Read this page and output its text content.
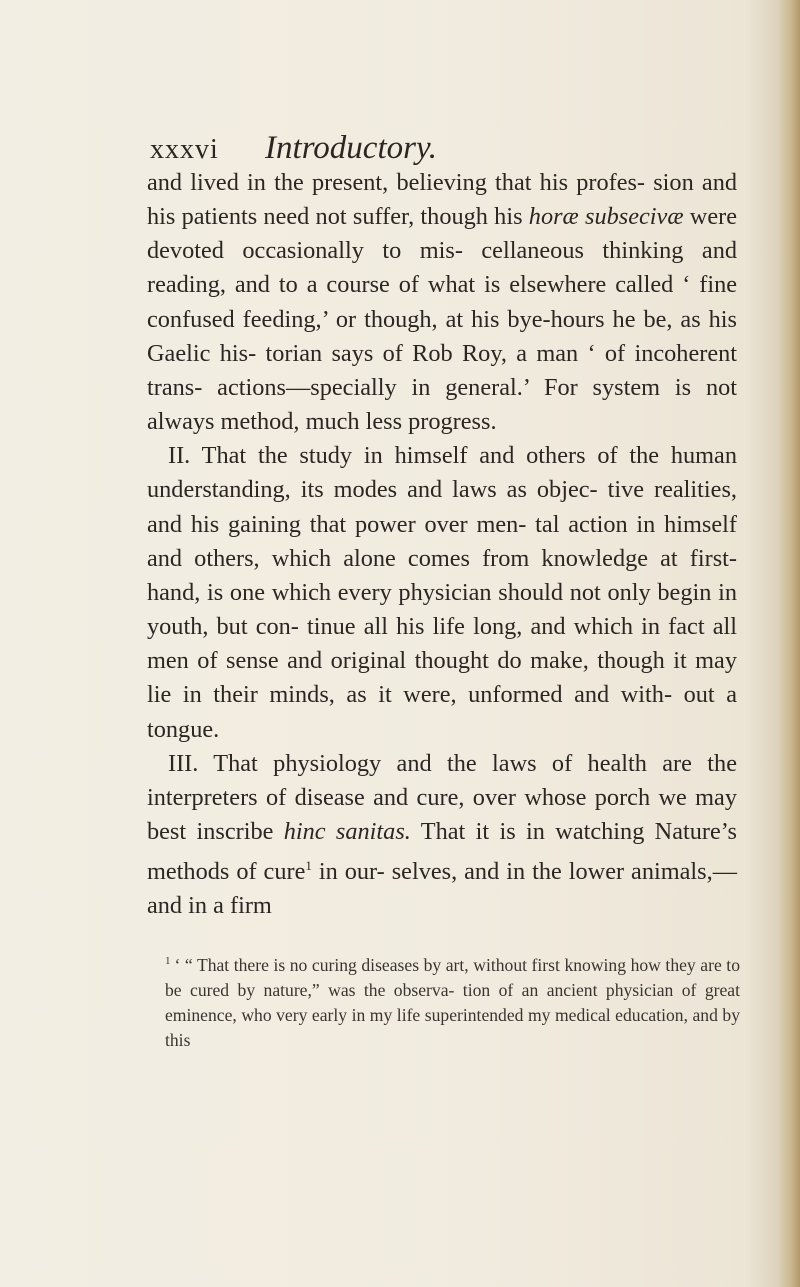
xxxvi Introductory.

and lived in the present, believing that his profes- sion and his patients need not suffer, though his horæ subsecivæ were devoted occasionally to mis- cellaneous thinking and reading, and to a course of what is elsewhere called ‘ fine confused feeding,’ or though, at his bye-hours he be, as his Gaelic his- torian says of Rob Roy, a man ‘ of incoherent trans- actions—specially in general.’ For system is not always method, much less progress.

II. That the study in himself and others of the human understanding, its modes and laws as objec- tive realities, and his gaining that power over men- tal action in himself and others, which alone comes from knowledge at first-hand, is one which every physician should not only begin in youth, but con- tinue all his life long, and which in fact all men of sense and original thought do make, though it may lie in their minds, as it were, unformed and with- out a tongue.

III. That physiology and the laws of health are the interpreters of disease and cure, over whose porch we may best inscribe hinc sanitas. That it is in watching Nature’s methods of cure$^1$ in our- selves, and in the lower animals,—and in a firm

$^1$ ‘ “ That there is no curing diseases by art, without first knowing how they are to be cured by nature,” was the observa- tion of an ancient physician of great eminence, who very early in my life superintended my medical education, and by this
